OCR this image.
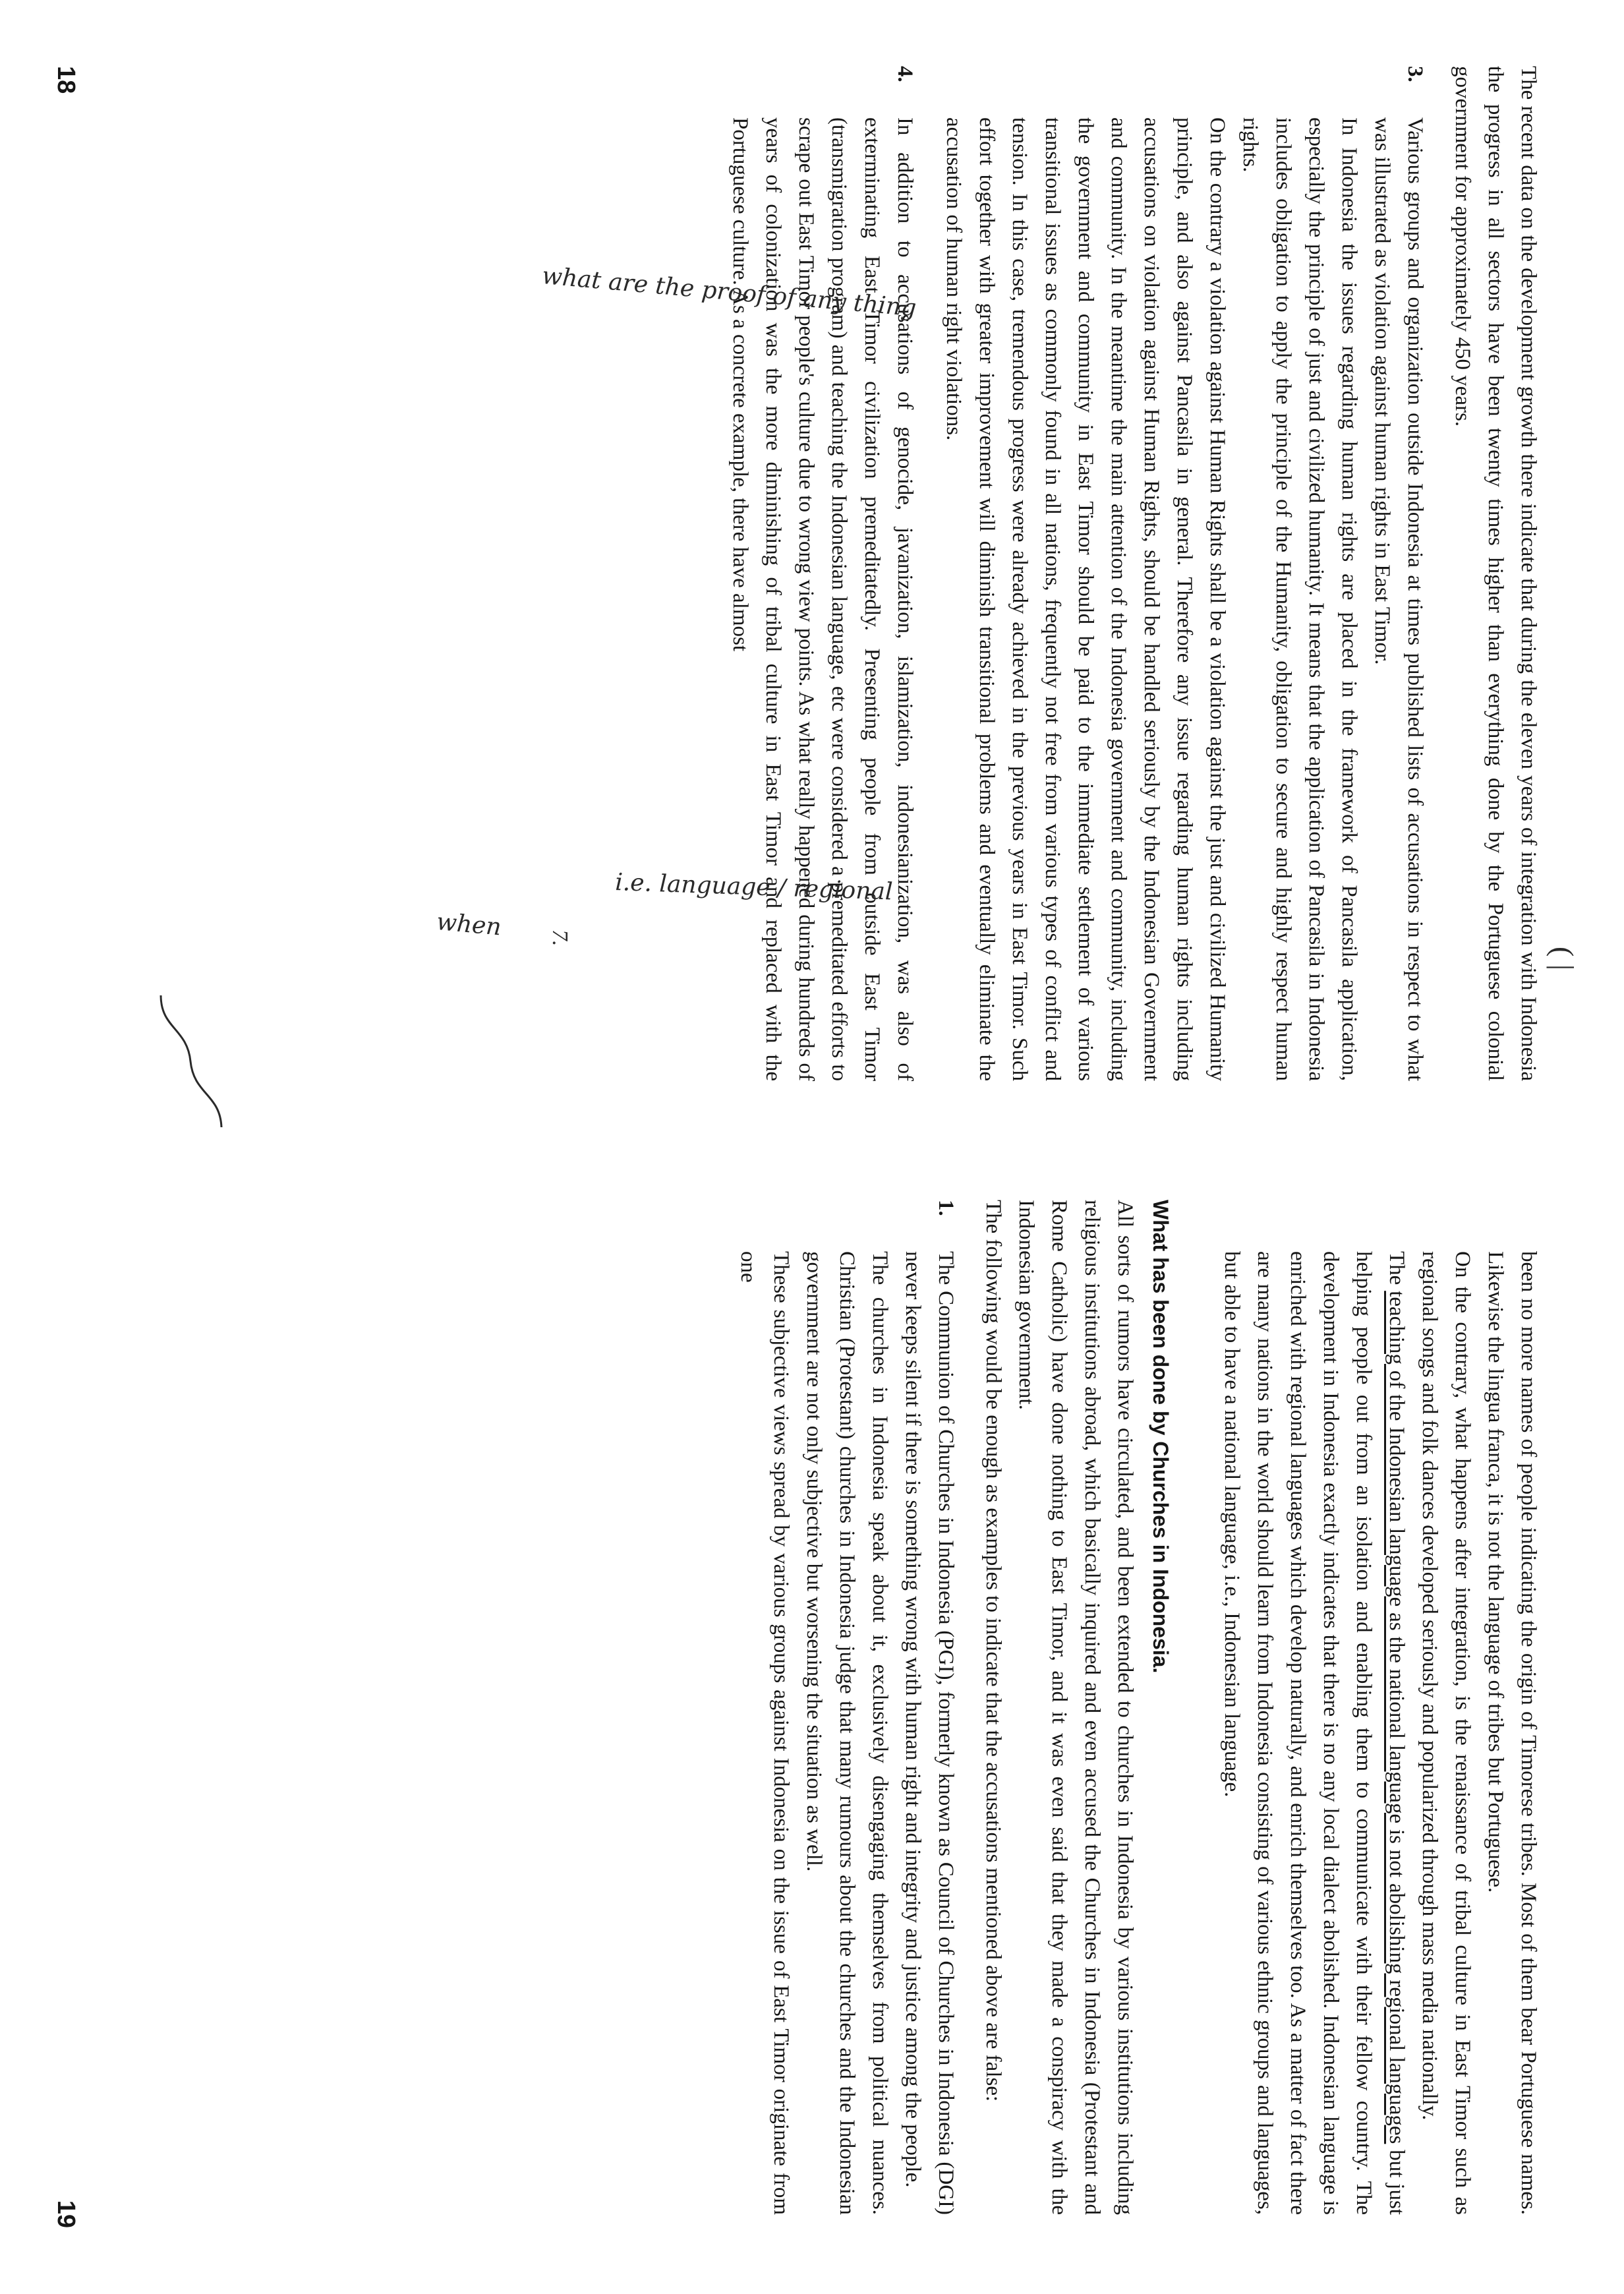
The recent data on the development growth there indicate that during the eleven years of integration with Indonesia the progress in all sectors have been twenty times higher than everything done by the Portuguese colonial government for approximately 450 years.

3.Various groups and organization outside Indonesia at times published lists of accusations in respect to what was illustrated as violation against human rights in East Timor.

In Indonesia the issues regarding human rights are placed in the framework of Pancasila application, especially the principle of just and civilized humanity. It means that the application of Pancasila in Indonesia includes obligation to apply the principle of the Humanity, obligation to secure and highly respect human rights.

On the contrary a violation against Human Rights shall be a violation against the just and civilized Humanity principle, and also against Pancasila in general. Therefore any issue regarding human rights including accusations on violation against Human Rights, should be handled seriously by the Indonesian Government and community. In the meantime the main attention of the Indonesia government and community, including the government and community in East Timor should be paid to the immediate settlement of various transitional issues as commonly found in all nations, frequently not free from various types of conflict and tension. In this case, tremendous progress were already achieved in the previous years in East Timor. Such effort together with greater improvement will diminish transitional problems and eventually eliminate the accusation of human right violations.

4.In addition to accusations of genocide, javanization, islamization, indonesianization, was also of exterminating East Timor civilization premeditatedly. Presenting people from outside East Timor (transmigration program) and teaching the Indonesian language, etc were considered a premeditated efforts to scrape out East Timor people's culture due to wrong view points. As what really happened during hundreds of years of colonization was the more diminishing of tribal culture in East Timor and replaced with the Portuguese culture. As a concrete example, there have almost

18

been no more names of people indicating the origin of Timorese tribes. Most of them bear Portuguese names. Likewise the lingua franca, it is not the language of tribes but Portuguese.

On the contrary, what happens after integration, is the renaissance of tribal culture in East Timor such as regional songs and folk dances developed seriously and popularized through mass media nationally.

The teaching of the Indonesian language as the national language is not abolishing regional languages but just helping people out from an isolation and enabling them to communicate with their fellow country. The development in Indonesia exactly indicates that there is no any local dialect abolished. Indonesian language is enriched with regional languages which develop naturally, and enrich themselves too. As a matter of fact there are many nations in the world should learn from Indonesia consisting of various ethnic groups and languages, but able to have a national language, i.e., Indonesian language.

What has been done by Churches in Indonesia.

All sorts of rumors have circulated, and been extended to churches in Indonesia by various institutions including religious institutions abroad, which basically inquired and even accused the Churches in Indonesia (Protestant and Rome Catholic) have done nothing to East Timor, and it was even said that they made a conspiracy with the Indonesian government.

The following would be enough as examples to indicate that the accusations mentioned above are false:

1.The Communion of Churches in Indonesia (PGI), formerly known as Council of Churches in Indonesia (DGI) never keeps silent if there is something wrong with human right and integrity and justice among the people.

The churches in Indonesia speak about it, exclusively disengaging themselves from political nuances. Christian (Protestant) churches in Indonesia judge that many rumours about the churches and the Indonesian government are not only subjective but worsening the situation as well.

These subjective views spread by various groups against Indonesia on the issue of East Timor originate from one

19
i.e. language / regional
what are the proof of any thing
when
( |
7.
